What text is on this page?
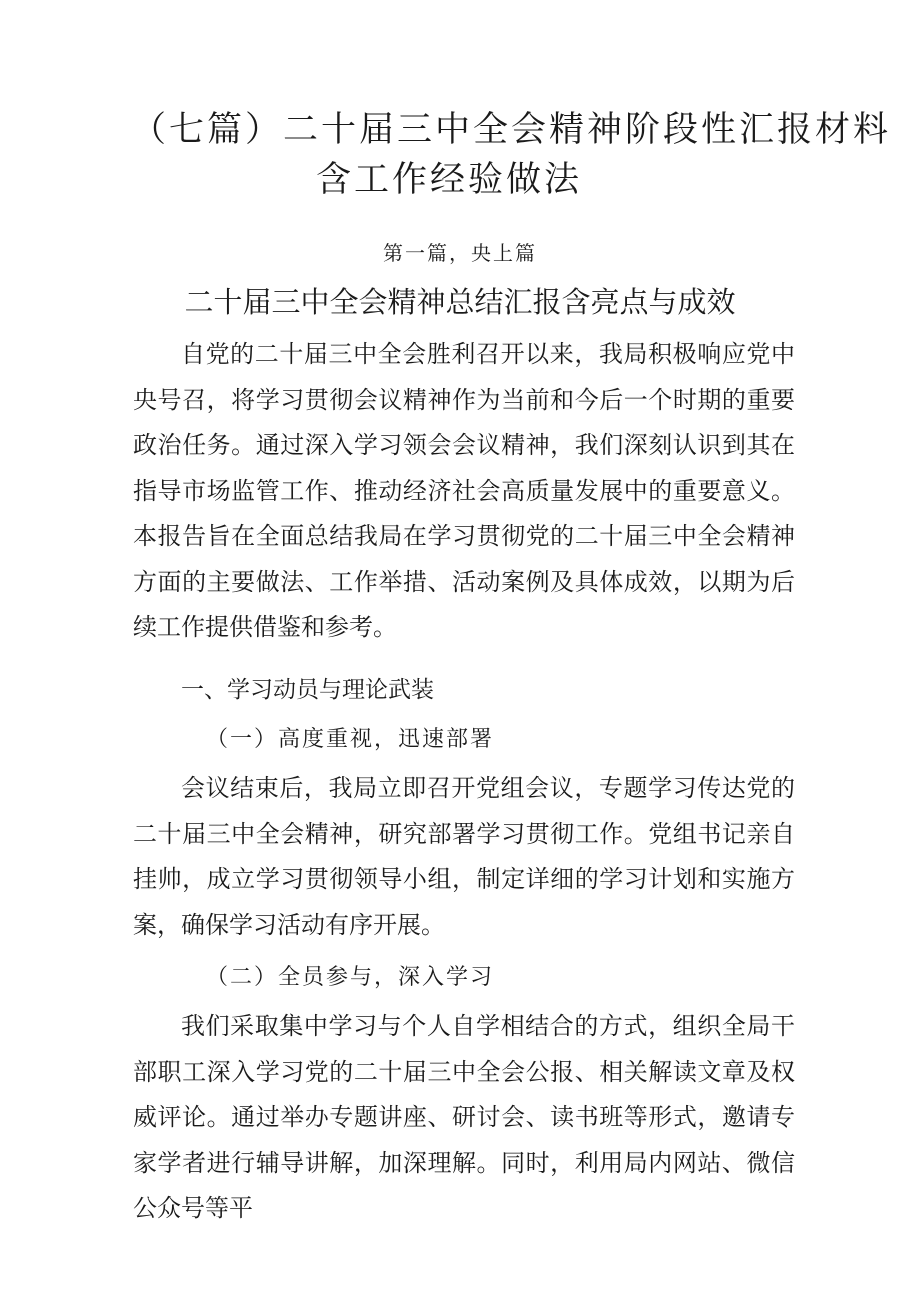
（七篇）二十届三中全会精神阶段性汇报材料
含工作经验做法
第一篇，央上篇
二十届三中全会精神总结汇报含亮点与成效

自党的二十届三中全会胜利召开以来，我局积极响应党中央号召，将学习贯彻会议精神作为当前和今后一个时期的重要政治任务。通过深入学习领会会议精神，我们深刻认识到其在指导市场监管工作、推动经济社会高质量发展中的重要意义。本报告旨在全面总结我局在学习贯彻党的二十届三中全会精神方面的主要做法、工作举措、活动案例及具体成效，以期为后续工作提供借鉴和参考。

一、学习动员与理论武装
（一）高度重视，迅速部署

会议结束后，我局立即召开党组会议，专题学习传达党的二十届三中全会精神，研究部署学习贯彻工作。党组书记亲自挂帅，成立学习贯彻领导小组，制定详细的学习计划和实施方案，确保学习活动有序开展。

（二）全员参与，深入学习

我们采取集中学习与个人自学相结合的方式，组织全局干部职工深入学习党的二十届三中全会公报、相关解读文章及权威评论。通过举办专题讲座、研讨会、读书班等形式，邀请专家学者进行辅导讲解，加深理解。同时，利用局内网站、微信公众号等平
